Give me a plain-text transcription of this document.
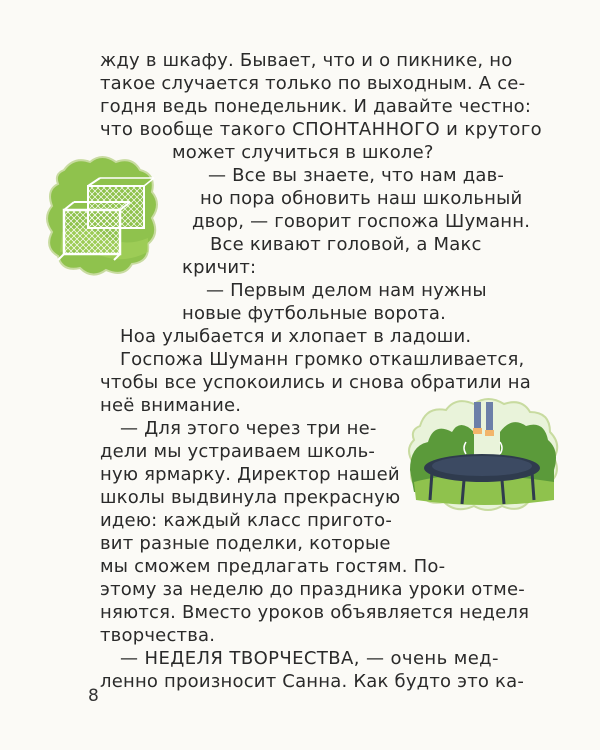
жду в шкафу. Бывает, что и о пикнике, но
такое случается только по выходным. А се-
годня ведь понедельник. И давайте честно:
что вообще такого СПОНТАННОГО и крутого
может случиться в школе?
— Все вы знаете, что нам дав-
но пора обновить наш школьный
двор, — говорит госпожа Шуманн.
Все кивают головой, а Макс
кричит:
— Первым делом нам нужны
новые футбольные ворота.
Ноа улыбается и хлопает в ладоши.
Госпожа Шуманн громко откашливается,
чтобы все успокоились и снова обратили на
неё внимание.
— Для этого через три не-
дели мы устраиваем школь-
ную ярмарку. Директор нашей
школы выдвинула прекрасную
идею: каждый класс пригото-
вит разные поделки, которые
мы сможем предлагать гостям. По-
этому за неделю до праздника уроки отме-
няются. Вместо уроков объявляется неделя
творчества.
— НЕДЕЛЯ ТВОРЧЕСТВА, — очень мед-
ленно произносит Санна. Как будто это ка-
8
